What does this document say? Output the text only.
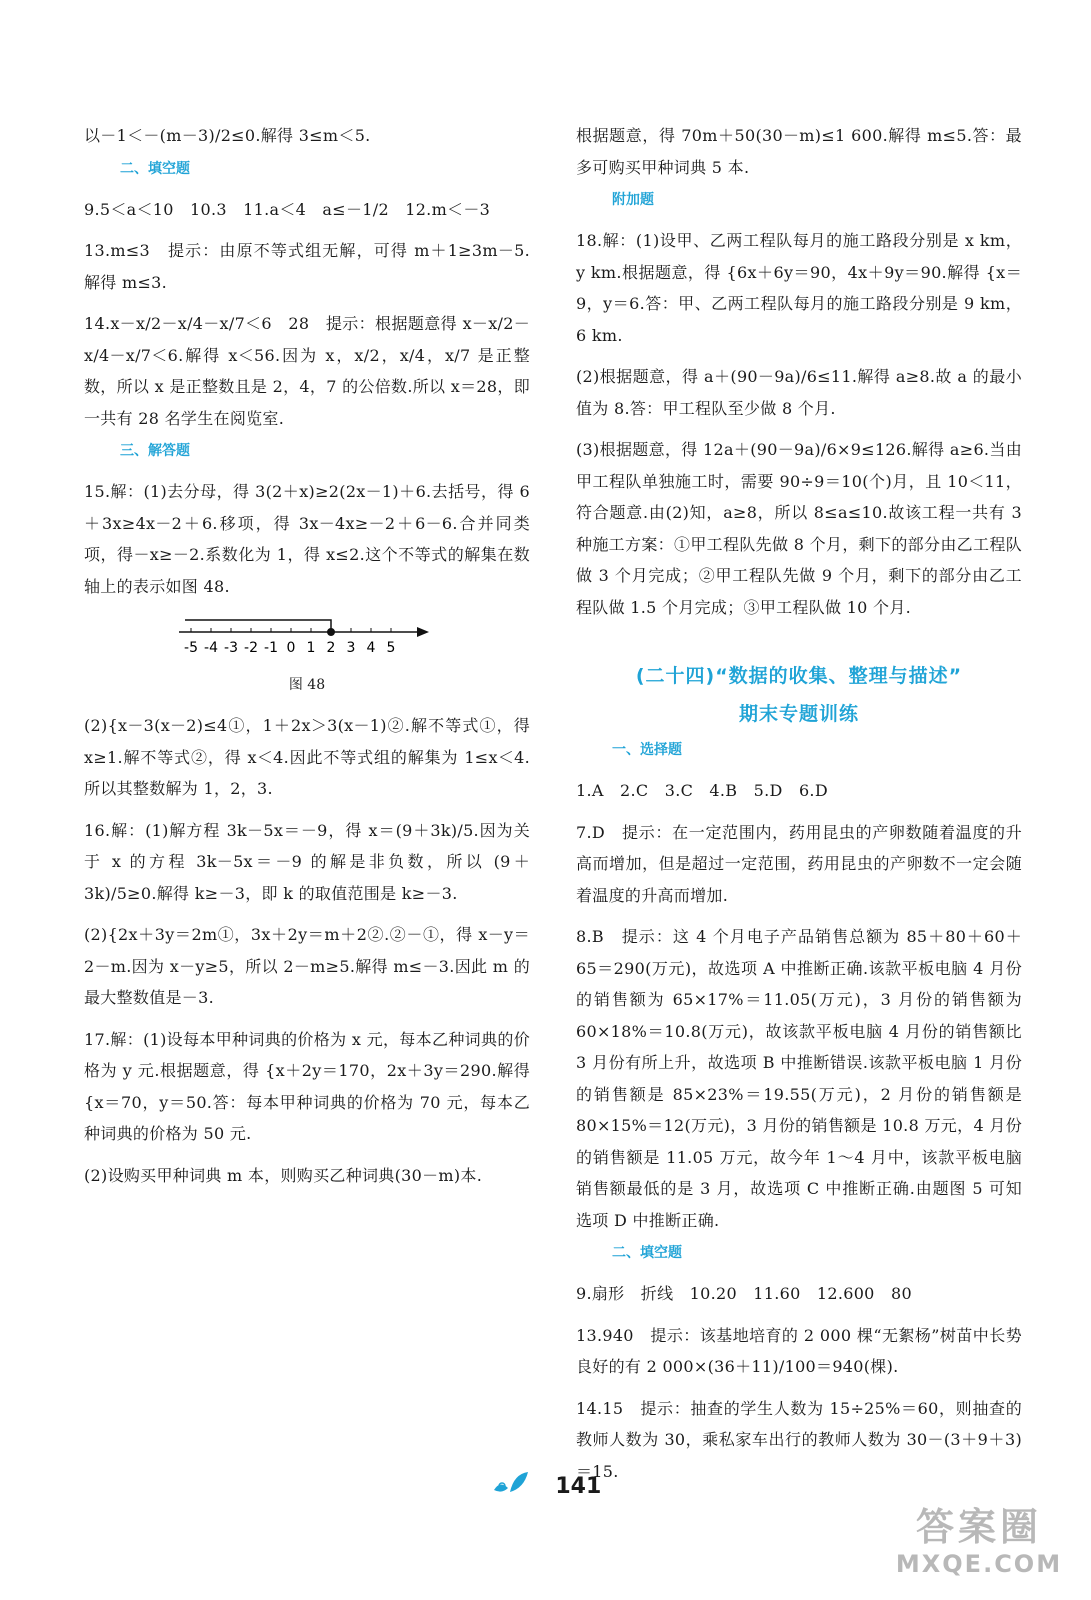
以－1＜－(m－3)/2≤0.解得 3≤m＜5.
二、填空题
9.5＜a＜10　10.3　11.a＜4　a≤－1/2　12.m＜－3
13.m≤3　提示：由原不等式组无解，可得 m＋1≥3m－5.解得 m≤3.
14.x－x/2－x/4－x/7＜6　28　提示：根据题意得 x－x/2－x/4－x/7＜6.解得 x＜56.因为 x，x/2，x/4，x/7 是正整数，所以 x 是正整数且是 2，4，7 的公倍数.所以 x＝28，即一共有 28 名学生在阅览室.
三、解答题
15.解：(1)去分母，得 3(2＋x)≥2(2x－1)＋6.去括号，得 6＋3x≥4x－2＋6.移项，得 3x－4x≥－2＋6－6.合并同类项，得－x≥－2.系数化为 1，得 x≤2.这个不等式的解集在数轴上的表示如图 48.
-5 -4 -3 -2 -1 0 1 2 3 4 5
图 48
(2){x－3(x－2)≤4①，1＋2x＞3(x－1)②.解不等式①，得 x≥1.解不等式②，得 x＜4.因此不等式组的解集为 1≤x＜4.所以其整数解为 1，2，3.
16.解：(1)解方程 3k－5x＝－9，得 x＝(9＋3k)/5.因为关于 x 的方程 3k－5x＝－9 的解是非负数，所以 (9＋3k)/5≥0.解得 k≥－3，即 k 的取值范围是 k≥－3.
(2){2x＋3y＝2m①，3x＋2y＝m＋2②.②－①，得 x－y＝2－m.因为 x－y≥5，所以 2－m≥5.解得 m≤－3.因此 m 的最大整数值是－3.
17.解：(1)设每本甲种词典的价格为 x 元，每本乙种词典的价格为 y 元.根据题意，得 {x＋2y＝170，2x＋3y＝290.解得 {x＝70，y＝50.答：每本甲种词典的价格为 70 元，每本乙种词典的价格为 50 元.
(2)设购买甲种词典 m 本，则购买乙种词典(30－m)本.
根据题意，得 70m＋50(30－m)≤1 600.解得 m≤5.答：最多可购买甲种词典 5 本.
附加题
18.解：(1)设甲、乙两工程队每月的施工路段分别是 x km，y km.根据题意，得 {6x＋6y＝90，4x＋9y＝90.解得 {x＝9，y＝6.答：甲、乙两工程队每月的施工路段分别是 9 km，6 km.
(2)根据题意，得 a＋(90－9a)/6≤11.解得 a≥8.故 a 的最小值为 8.答：甲工程队至少做 8 个月.
(3)根据题意，得 12a＋(90－9a)/6×9≤126.解得 a≥6.当由甲工程队单独施工时，需要 90÷9＝10(个)月，且 10＜11，符合题意.由(2)知，a≥8，所以 8≤a≤10.故该工程一共有 3 种施工方案：①甲工程队先做 8 个月，剩下的部分由乙工程队做 3 个月完成；②甲工程队先做 9 个月，剩下的部分由乙工程队做 1.5 个月完成；③甲工程队做 10 个月.
(二十四)“数据的收集、整理与描述”
期末专题训练
一、选择题
1.A　2.C　3.C　4.B　5.D　6.D
7.D　提示：在一定范围内，药用昆虫的产卵数随着温度的升高而增加，但是超过一定范围，药用昆虫的产卵数不一定会随着温度的升高而增加.
8.B　提示：这 4 个月电子产品销售总额为 85＋80＋60＋65＝290(万元)，故选项 A 中推断正确.该款平板电脑 4 月份的销售额为 65×17%＝11.05(万元)，3 月份的销售额为 60×18%＝10.8(万元)，故该款平板电脑 4 月份的销售额比 3 月份有所上升，故选项 B 中推断错误.该款平板电脑 1 月份的销售额是 85×23%＝19.55(万元)，2 月份的销售额是 80×15%＝12(万元)，3 月份的销售额是 10.8 万元，4 月份的销售额是 11.05 万元，故今年 1～4 月中，该款平板电脑销售额最低的是 3 月，故选项 C 中推断正确.由题图 5 可知选项 D 中推断正确.
二、填空题
9.扇形　折线　10.20　11.60　12.600　80
13.940　提示：该基地培育的 2 000 棵“无絮杨”树苗中长势良好的有 2 000×(36＋11)/100＝940(棵).
14.15　提示：抽查的学生人数为 15÷25%＝60，则抽查的教师人数为 30，乘私家车出行的教师人数为 30－(3＋9＋3)＝15.
141
答案圈
MXQE.COM
